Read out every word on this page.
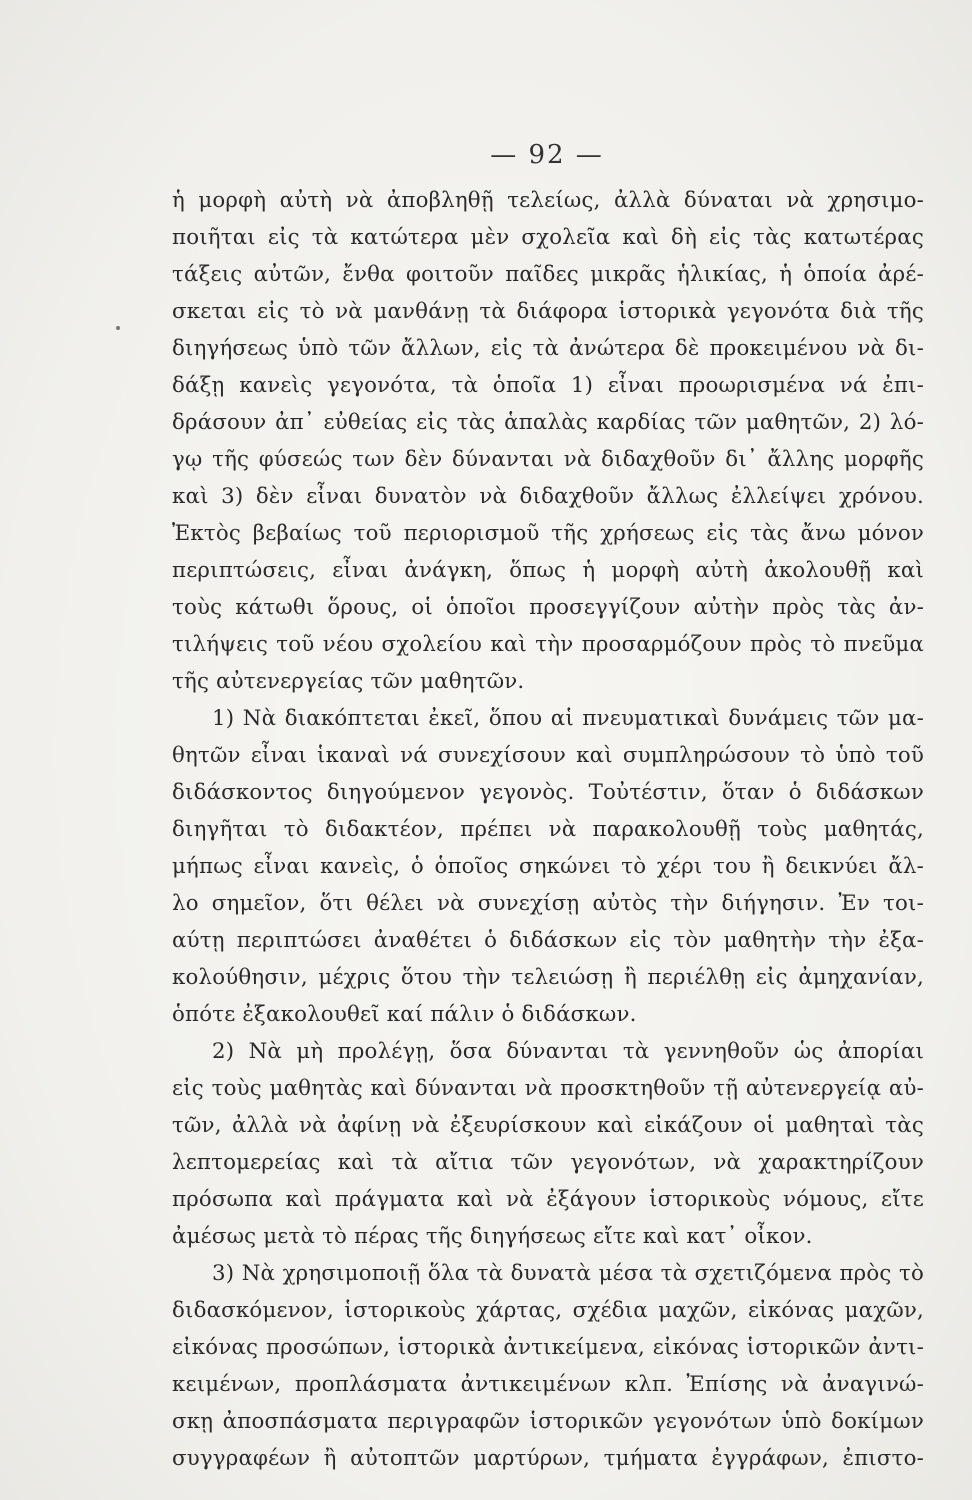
— 92 —
ἡ μορφὴ αὐτὴ νὰ ἀποβληθῇ τελείως, ἀλλὰ δύναται νὰ χρησιμο-
ποιῆται εἰς τὰ κατώτερα μὲν σχολεῖα καὶ δὴ εἰς τὰς κατωτέρας
τάξεις αὐτῶν, ἔνθα φοιτοῦν παῖδες μικρᾶς ἡλικίας, ἡ ὁποία ἀρέ-
σκεται εἰς τὸ νὰ μανθάνῃ τὰ διάφορα ἱστορικὰ γεγονότα διὰ τῆς
διηγήσεως ὑπὸ τῶν ἄλλων, εἰς τὰ ἀνώτερα δὲ προκειμένου νὰ δι-
δάξῃ κανεὶς γεγονότα, τὰ ὁποῖα 1) εἶναι προωρισμένα νά ἐπι-
δράσουν ἀπ᾽ εὐθείας εἰς τὰς ἁπαλὰς καρδίας τῶν μαθητῶν, 2) λό-
γῳ τῆς φύσεώς των δὲν δύνανται νὰ διδαχθοῦν δι᾽ ἄλλης μορφῆς
καὶ 3) δὲν εἶναι δυνατὸν νὰ διδαχθοῦν ἄλλως ἐλλείψει χρόνου.
Ἐκτὸς βεβαίως τοῦ περιορισμοῦ τῆς χρήσεως εἰς τὰς ἄνω μόνον
περιπτώσεις, εἶναι ἀνάγκη, ὅπως ἡ μορφὴ αὐτὴ ἀκολουθῇ καὶ
τοὺς κάτωθι ὅρους, οἱ ὁποῖοι προσεγγίζουν αὐτὴν πρὸς τὰς ἀν-
τιλήψεις τοῦ νέου σχολείου καὶ τὴν προσαρμόζουν πρὸς τὸ πνεῦμα
τῆς αὐτενεργείας τῶν μαθητῶν.
1) Νὰ διακόπτεται ἐκεῖ, ὅπου αἱ πνευματικαὶ δυνάμεις τῶν μα-
θητῶν εἶναι ἱκαναὶ νά συνεχίσουν καὶ συμπληρώσουν τὸ ὑπὸ τοῦ
διδάσκοντος διηγούμενον γεγονὸς. Τοὐτέστιν, ὅταν ὁ διδάσκων
διηγῆται τὸ διδακτέον, πρέπει νὰ παρακολουθῇ τοὺς μαθητάς,
μήπως εἶναι κανεὶς, ὁ ὁποῖος σηκώνει τὸ χέρι του ἢ δεικνύει ἄλ-
λο σημεῖον, ὅτι θέλει νὰ συνεχίσῃ αὐτὸς τὴν διήγησιν. Ἐν τοι-
αύτῃ περιπτώσει ἀναθέτει ὁ διδάσκων εἰς τὸν μαθητὴν τὴν ἐξα-
κολούθησιν, μέχρις ὅτου τὴν τελειώσῃ ἢ περιέλθῃ εἰς ἀμηχανίαν,
ὁπότε ἐξακολουθεῖ καί πάλιν ὁ διδάσκων.
2) Νὰ μὴ προλέγῃ, ὅσα δύνανται τὰ γεννηθοῦν ὡς ἀπορίαι
εἰς τοὺς μαθητὰς καὶ δύνανται νὰ προσκτηθοῦν τῇ αὐτενεργείᾳ αὐ-
τῶν, ἀλλὰ νὰ ἀφίνῃ νὰ ἐξευρίσκουν καὶ εἰκάζουν οἱ μαθηταὶ τὰς
λεπτομερείας καὶ τὰ αἴτια τῶν γεγονότων, νὰ χαρακτηρίζουν
πρόσωπα καὶ πράγματα καὶ νὰ ἐξάγουν ἱστορικοὺς νόμους, εἴτε
ἀμέσως μετὰ τὸ πέρας τῆς διηγήσεως εἴτε καὶ κατ᾽ οἶκον.
3) Νὰ χρησιμοποιῇ ὅλα τὰ δυνατὰ μέσα τὰ σχετιζόμενα πρὸς τὸ
διδασκόμενον, ἱστορικοὺς χάρτας, σχέδια μαχῶν, εἰκόνας μαχῶν,
εἰκόνας προσώπων, ἱστορικὰ ἀντικείμενα, εἰκόνας ἱστορικῶν ἀντι-
κειμένων, προπλάσματα ἀντικειμένων κλπ. Ἐπίσης νὰ ἀναγινώ-
σκῃ ἀποσπάσματα περιγραφῶν ἱστορικῶν γεγονότων ὑπὸ δοκίμων
συγγραφέων ἢ αὐτοπτῶν μαρτύρων, τμήματα ἐγγράφων, ἐπιστο-
